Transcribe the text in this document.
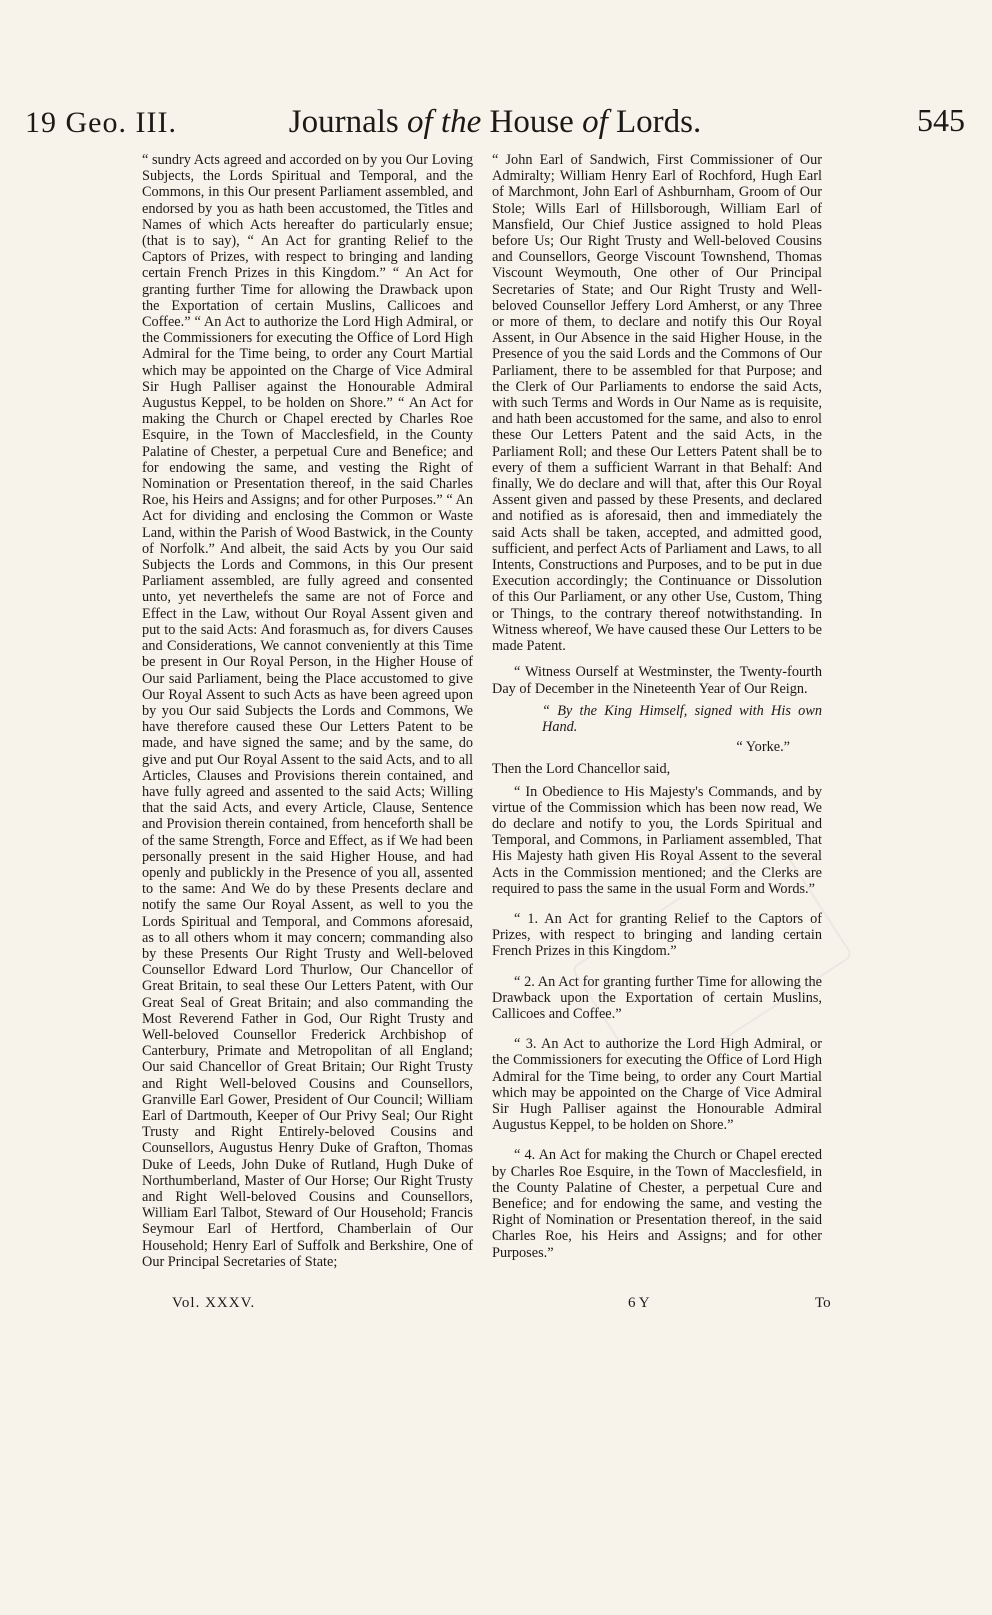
19 Geo. III.	Journals of the House of Lords.	545

“ sundry Acts agreed and accorded on by you Our Loving Subjects, the Lords Spiritual and Temporal, and the Commons, in this Our present Parliament assembled, and endorsed by you as hath been accustomed, the Titles and Names of which Acts hereafter do particularly ensue; (that is to say), “ An Act for granting Relief to the Captors of Prizes, with respect to bringing and landing certain French Prizes in this Kingdom.” “ An Act for granting further Time for allowing the Drawback upon the Exportation of certain Muslins, Callicoes and Coffee.” “ An Act to authorize the Lord High Admiral, or the Commissioners for executing the Office of Lord High Admiral for the Time being, to order any Court Martial which may be appointed on the Charge of Vice Admiral Sir Hugh Palliser against the Honourable Admiral Augustus Keppel, to be holden on Shore.” “ An Act for making the Church or Chapel erected by Charles Roe Esquire, in the Town of Macclesfield, in the County Palatine of Chester, a perpetual Cure and Benefice; and for endowing the same, and vesting the Right of Nomination or Presentation thereof, in the said Charles Roe, his Heirs and Assigns; and for other Purposes.” “ An Act for dividing and enclosing the Common or Waste Land, within the Parish of Wood Bastwick, in the County of Norfolk.” And albeit, the said Acts by you Our said Subjects the Lords and Commons, in this Our present Parliament assembled, are fully agreed and consented unto, yet neverthelefs the same are not of Force and Effect in the Law, without Our Royal Assent given and put to the said Acts: And forasmuch as, for divers Causes and Considerations, We cannot conveniently at this Time be present in Our Royal Person, in the Higher House of Our said Parliament, being the Place accustomed to give Our Royal Assent to such Acts as have been agreed upon by you Our said Subjects the Lords and Commons, We have therefore caused these Our Letters Patent to be made, and have signed the same; and by the same, do give and put Our Royal Assent to the said Acts, and to all Articles, Clauses and Provisions therein contained, and have fully agreed and assented to the said Acts; Willing that the said Acts, and every Article, Clause, Sentence and Provision therein contained, from henceforth shall be of the same Strength, Force and Effect, as if We had been personally present in the said Higher House, and had openly and publickly in the Presence of you all, assented to the same: And We do by these Presents declare and notify the same Our Royal Assent, as well to you the Lords Spiritual and Temporal, and Commons aforesaid, as to all others whom it may concern; commanding also by these Presents Our Right Trusty and Well-beloved Counsellor Edward Lord Thurlow, Our Chancellor of Great Britain, to seal these Our Letters Patent, with Our Great Seal of Great Britain; and also commanding the Most Reverend Father in God, Our Right Trusty and Well-beloved Counsellor Frederick Archbishop of Canterbury, Primate and Metropolitan of all England; Our said Chancellor of Great Britain; Our Right Trusty and Right Well-beloved Cousins and Counsellors, Granville Earl Gower, President of Our Council; William Earl of Dartmouth, Keeper of Our Privy Seal; Our Right Trusty and Right Entirely-beloved Cousins and Counsellors, Augustus Henry Duke of Grafton, Thomas Duke of Leeds, John Duke of Rutland, Hugh Duke of Northumberland, Master of Our Horse; Our Right Trusty and Right Well-beloved Cousins and Counsellors, William Earl Talbot, Steward of Our Household; Francis Seymour Earl of Hertford, Chamberlain of Our Household; Henry Earl of Suffolk and Berkshire, One of Our Principal Secretaries of State;

“ John Earl of Sandwich, First Commissioner of Our Admiralty; William Henry Earl of Rochford, Hugh Earl of Marchmont, John Earl of Ashburnham, Groom of Our Stole; Wills Earl of Hillsborough, William Earl of Mansfield, Our Chief Justice assigned to hold Pleas before Us; Our Right Trusty and Well-beloved Cousins and Counsellors, George Viscount Townshend, Thomas Viscount Weymouth, One other of Our Principal Secretaries of State; and Our Right Trusty and Well-beloved Counsellor Jeffery Lord Amherst, or any Three or more of them, to declare and notify this Our Royal Assent, in Our Absence in the said Higher House, in the Presence of you the said Lords and the Commons of Our Parliament, there to be assembled for that Purpose; and the Clerk of Our Parliaments to endorse the said Acts, with such Terms and Words in Our Name as is requisite, and hath been accustomed for the same, and also to enrol these Our Letters Patent and the said Acts, in the Parliament Roll; and these Our Letters Patent shall be to every of them a sufficient Warrant in that Behalf: And finally, We do declare and will that, after this Our Royal Assent given and passed by these Presents, and declared and notified as is aforesaid, then and immediately the said Acts shall be taken, accepted, and admitted good, sufficient, and perfect Acts of Parliament and Laws, to all Intents, Constructions and Purposes, and to be put in due Execution accordingly; the Continuance or Dissolution of this Our Parliament, or any other Use, Custom, Thing or Things, to the contrary thereof notwithstanding. In Witness whereof, We have caused these Our Letters to be made Patent.

“ Witness Ourself at Westminster, the Twenty-fourth Day of December in the Nineteenth Year of Our Reign.

“ By the King Himself, signed with His own Hand.

“ Yorke.”

Then the Lord Chancellor said,

“ In Obedience to His Majesty's Commands, and by virtue of the Commission which has been now read, We do declare and notify to you, the Lords Spiritual and Temporal, and Commons, in Parliament assembled, That His Majesty hath given His Royal Assent to the several Acts in the Commission mentioned; and the Clerks are required to pass the same in the usual Form and Words.”

“ 1. An Act for granting Relief to the Captors of Prizes, with respect to bringing and landing certain French Prizes in this Kingdom.”

“ 2. An Act for granting further Time for allowing the Drawback upon the Exportation of certain Muslins, Callicoes and Coffee.”

“ 3. An Act to authorize the Lord High Admiral, or the Commissioners for executing the Office of Lord High Admiral for the Time being, to order any Court Martial which may be appointed on the Charge of Vice Admiral Sir Hugh Palliser against the Honourable Admiral Augustus Keppel, to be holden on Shore.”

“ 4. An Act for making the Church or Chapel erected by Charles Roe Esquire, in the Town of Macclesfield, in the County Palatine of Chester, a perpetual Cure and Benefice; and for endowing the same, and vesting the Right of Nomination or Presentation thereof, in the said Charles Roe, his Heirs and Assigns; and for other Purposes.”

Vol. XXXV.	6 Y	To
